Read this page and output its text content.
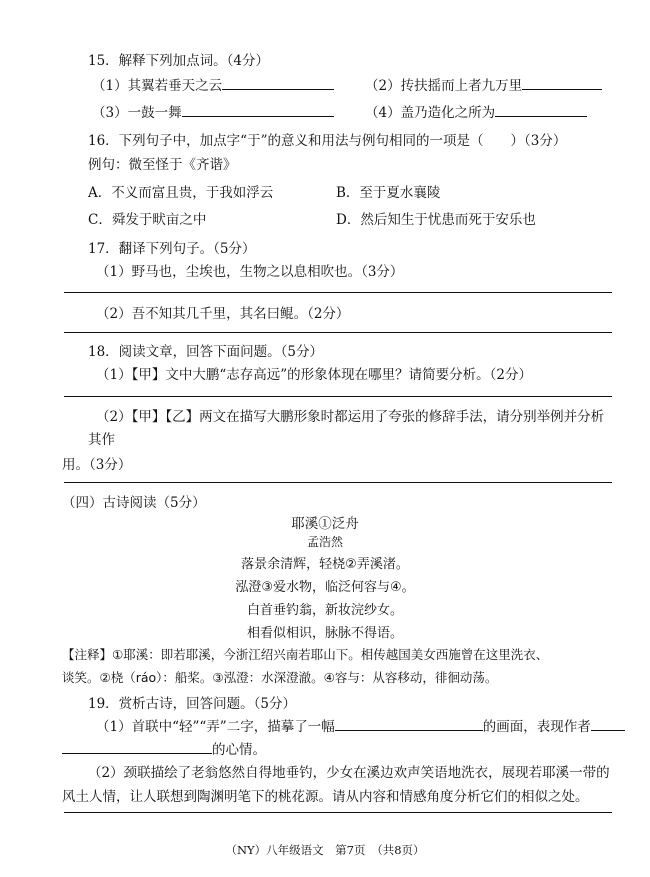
15．解释下列加点词。（4分）
（1）其翼若垂天之云	（2）抟扶摇而上者九万里
（3）一鼓一舞	（4）盖乃造化之所为
16．下列句子中，加点字“于”的意义和用法与例句相同的一项是（　　）（3分）
例句：微至怪于《齐谐》
A．不义而富且贵，于我如浮云	B．至于夏水襄陵
C．舜发于畎亩之中	D．然后知生于忧患而死于安乐也
17．翻译下列句子。（5分）
（1）野马也，尘埃也，生物之以息相吹也。（3分）
（2）吾不知其几千里，其名曰鲲。（2分）
18．阅读文章，回答下面问题。（5分）
（1）【甲】文中大鹏“志存高远”的形象体现在哪里？请简要分析。（2分）
（2）【甲】【乙】两文在描写大鹏形象时都运用了夸张的修辞手法，请分别举例并分析
其作
用。（3分）
（四）古诗阅读（5分）
耶溪①泛舟
孟浩然
落景余清辉，轻桡②弄溪渚。
泓澄③爱水物，临泛何容与④。
白首垂钓翁，新妆浣纱女。
相看似相识，脉脉不得语。
【注释】①耶溪：即若耶溪，今浙江绍兴南若耶山下。相传越国美女西施曾在这里洗衣、
谈笑。②桡（ráo）：船桨。③泓澄：水深澄澈。④容与：从容移动，徘徊动荡。
19．赏析古诗，回答问题。（5分）
（1）首联中“轻”“弄”二字，描摹了一幅	的画面，表现作者
的心情。
（2）颈联描绘了老翁悠然自得地垂钓，少女在溪边欢声笑语地洗衣，展现若耶溪一带的
风土人情，让人联想到陶渊明笔下的桃花源。请从内容和情感角度分析它们的相似之处。
（NY）八年级语文　第7页　（共8页）
